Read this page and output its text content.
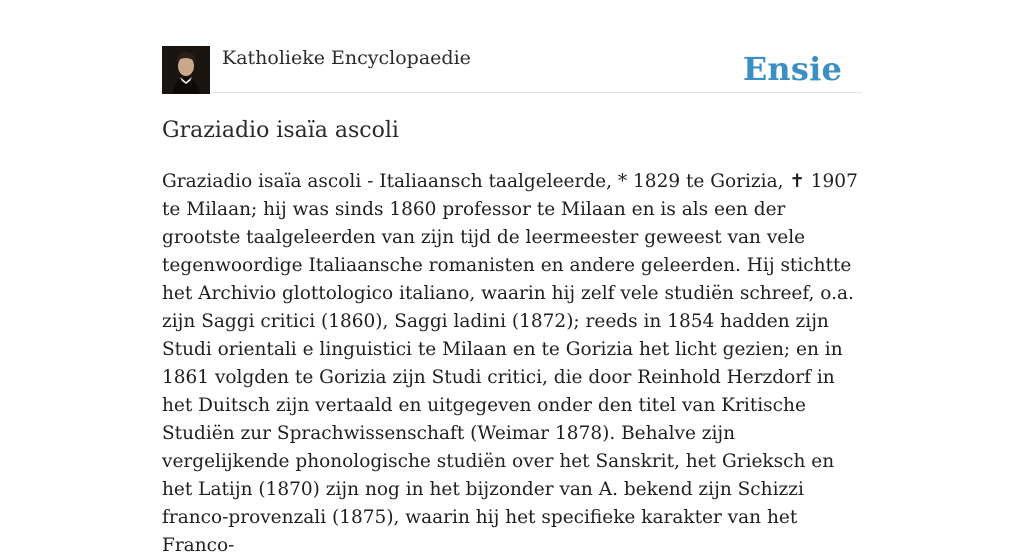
Katholieke Encyclopaedie	Ensie
Graziadio isaïa ascoli

Graziadio isaïa ascoli - Italiaansch taalgeleerde, * 1829 te Gorizia, ✝ 1907 te Milaan; hij was sinds 1860 professor te Milaan en is als een der grootste taalgeleerden van zijn tijd de leermeester geweest van vele tegenwoordige Italiaansche romanisten en andere geleerden. Hij stichtte het Archivio glottologico italiano, waarin hij zelf vele studiën schreef, o.a. zijn Saggi critici (1860), Saggi ladini (1872); reeds in 1854 hadden zijn Studi orientali e linguistici te Milaan en te Gorizia het licht gezien; en in 1861 volgden te Gorizia zijn Studi critici, die door Reinhold Herzdorf in het Duitsch zijn vertaald en uitgegeven onder den titel van Kritische Studiën zur Sprachwissenschaft (Weimar 1878). Behalve zijn vergelijkende phonologische studiën over het Sanskrit, het Grieksch en het Latijn (1870) zijn nog in het bijzonder van A. bekend zijn Schizzi franco-provenzali (1875), waarin hij het specifieke karakter van het Franco-
